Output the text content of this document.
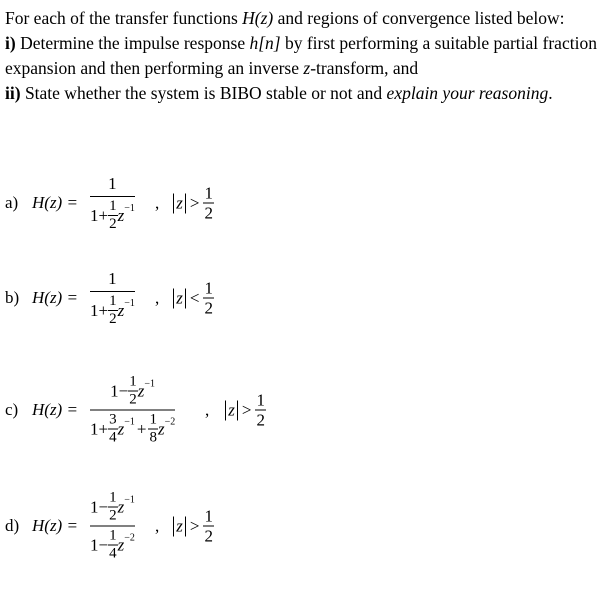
For each of the transfer functions H(z) and regions of convergence listed below:

i) Determine the impulse response h[n] by first performing a suitable partial fraction expansion and then performing an inverse z-transform, and

ii) State whether the system is BIBO stable or not and explain your reasoning.

a) H(z) =
1
$1+ \frac{1}{2}$ z −1 , $z > \frac{1}{2}$
b) H(z) =
1
$1+ \frac{1}{2}$ z −1 , $z < \frac{1}{2}$
c) H(z) =
$1- \frac{1}{2}$ z −1
$1+ \frac{3}{4}$ $z -1 + \frac{1}{8}$ z −2
, $z > \frac{1}{2}$
d) H(z) =
$1- \frac{1}{2}$ z −1
$1- \frac{1}{4}$ z −2
, $z > \frac{1}{2}$
